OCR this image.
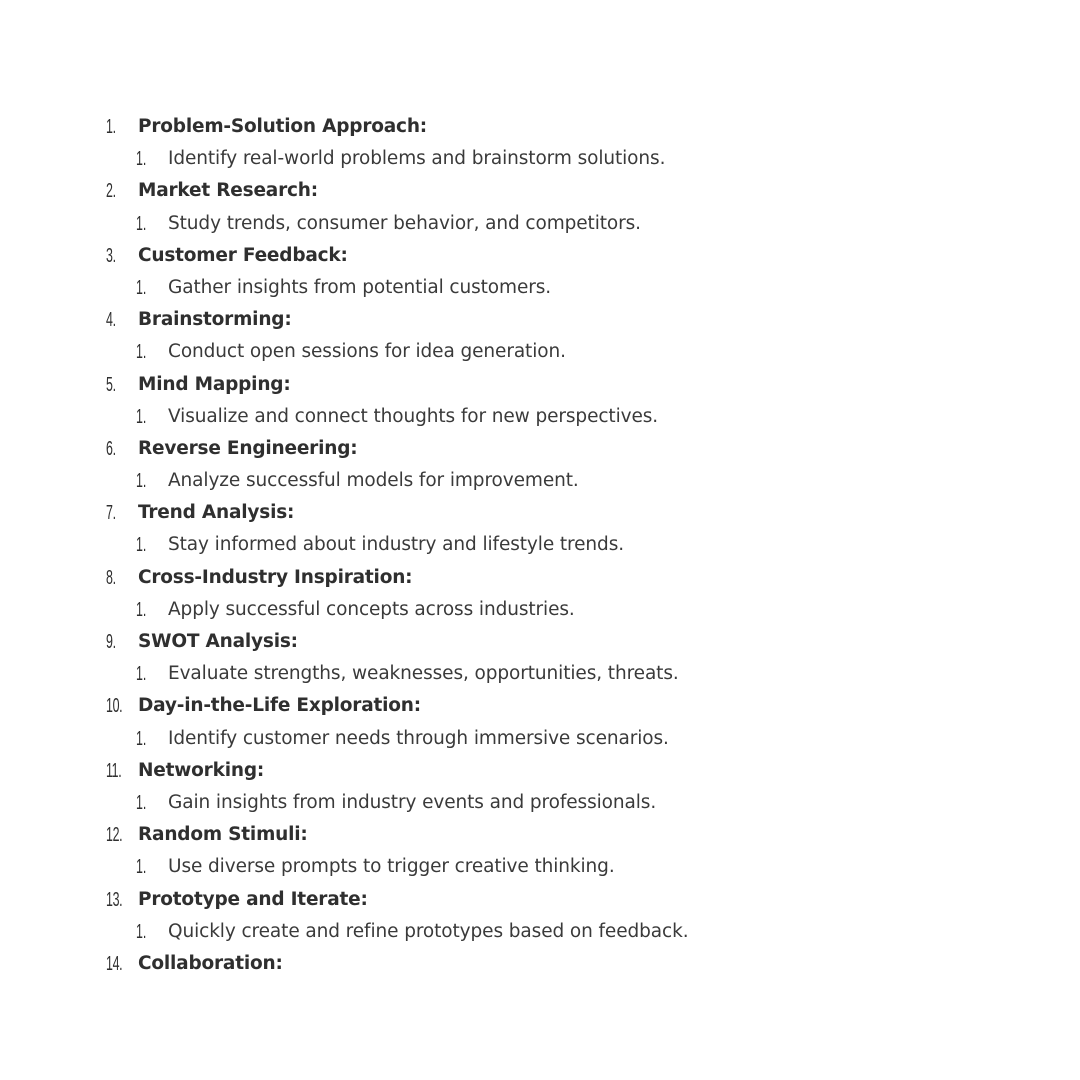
1. Problem-Solution Approach:
1. Identify real-world problems and brainstorm solutions.
2. Market Research:
1. Study trends, consumer behavior, and competitors.
3. Customer Feedback:
1. Gather insights from potential customers.
4. Brainstorming:
1. Conduct open sessions for idea generation.
5. Mind Mapping:
1. Visualize and connect thoughts for new perspectives.
6. Reverse Engineering:
1. Analyze successful models for improvement.
7. Trend Analysis:
1. Stay informed about industry and lifestyle trends.
8. Cross-Industry Inspiration:
1. Apply successful concepts across industries.
9. SWOT Analysis:
1. Evaluate strengths, weaknesses, opportunities, threats.
10. Day-in-the-Life Exploration:
1. Identify customer needs through immersive scenarios.
11. Networking:
1. Gain insights from industry events and professionals.
12. Random Stimuli:
1. Use diverse prompts to trigger creative thinking.
13. Prototype and Iterate:
1. Quickly create and refine prototypes based on feedback.
14. Collaboration:
